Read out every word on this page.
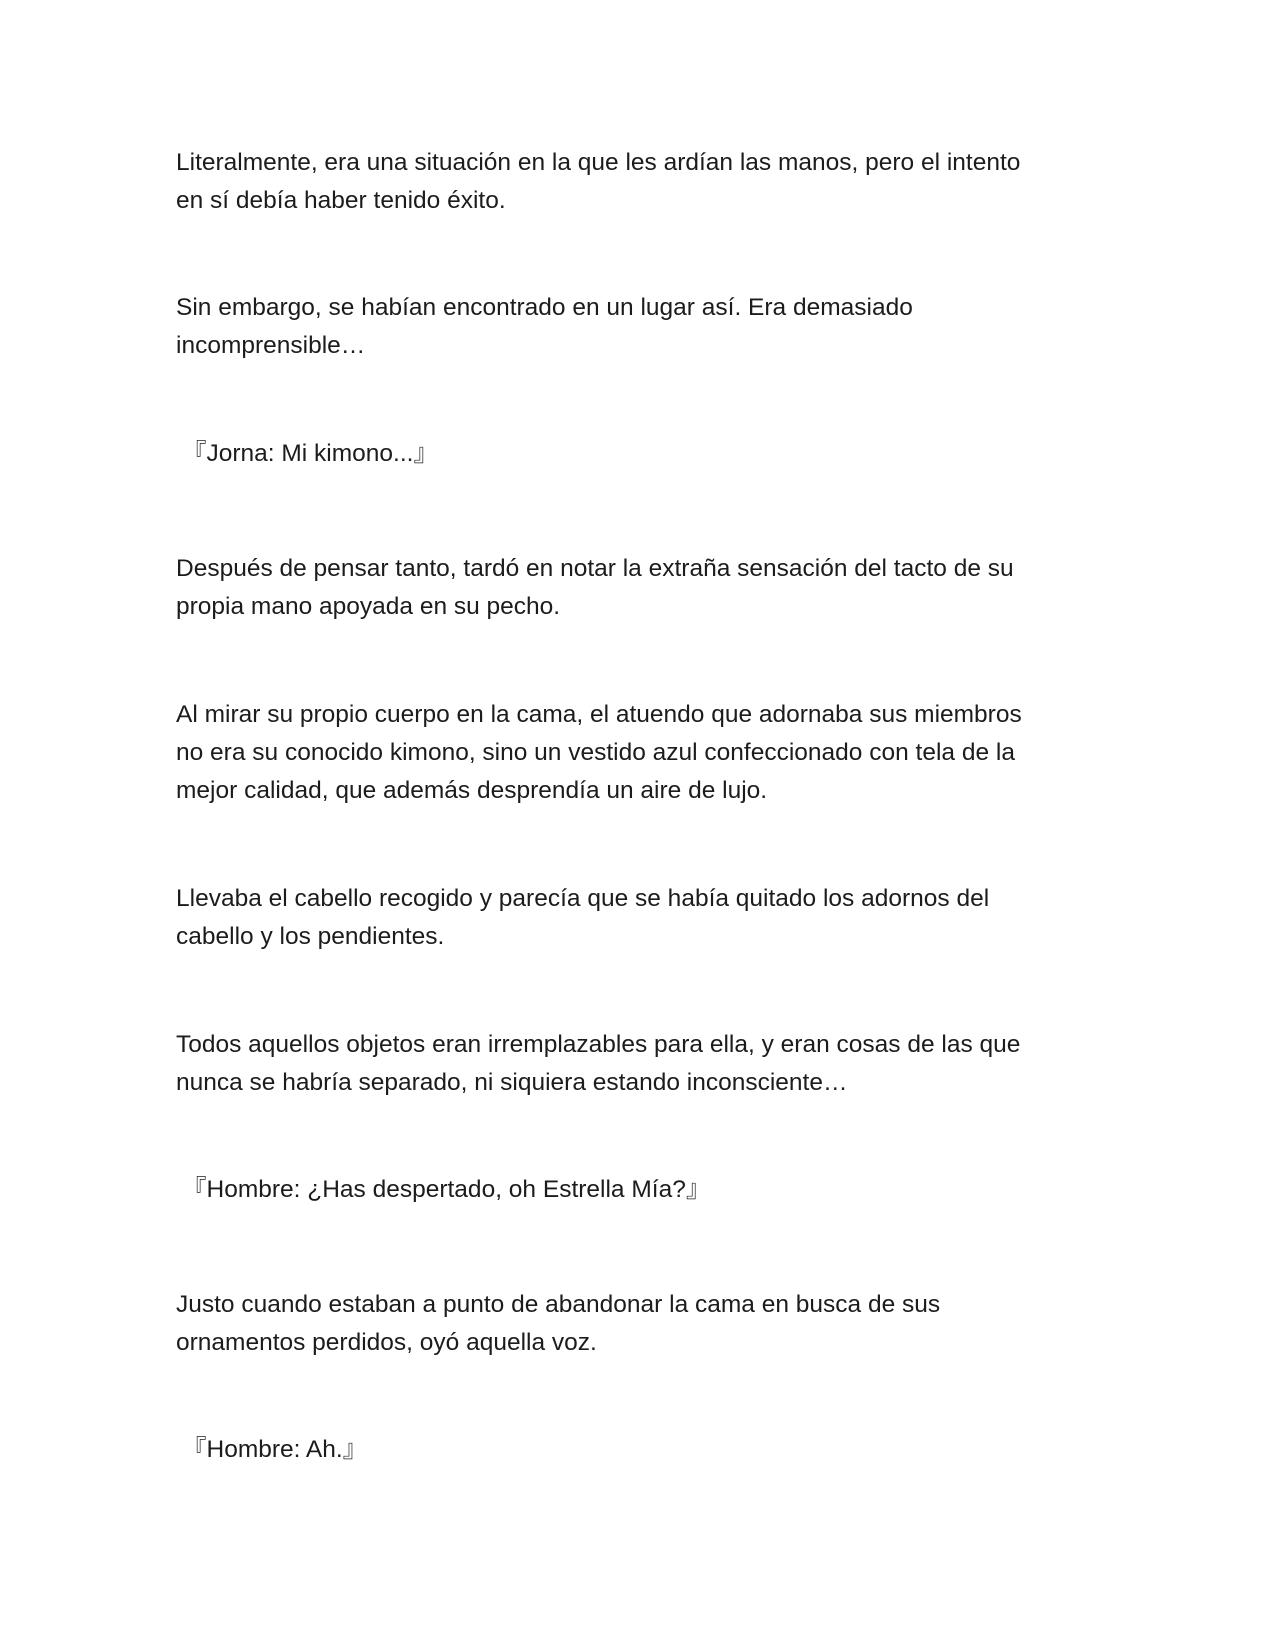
Literalmente, era una situación en la que les ardían las manos, pero el intento
en sí debía haber tenido éxito.

Sin embargo, se habían encontrado en un lugar así. Era demasiado
incomprensible…

『Jorna: Mi kimono...』

Después de pensar tanto, tardó en notar la extraña sensación del tacto de su
propia mano apoyada en su pecho.

Al mirar su propio cuerpo en la cama, el atuendo que adornaba sus miembros
no era su conocido kimono, sino un vestido azul confeccionado con tela de la
mejor calidad, que además desprendía un aire de lujo.

Llevaba el cabello recogido y parecía que se había quitado los adornos del
cabello y los pendientes.

Todos aquellos objetos eran irremplazables para ella, y eran cosas de las que
nunca se habría separado, ni siquiera estando inconsciente…

『Hombre: ¿Has despertado, oh Estrella Mía?』

Justo cuando estaban a punto de abandonar la cama en busca de sus
ornamentos perdidos, oyó aquella voz.

『Hombre: Ah.』
